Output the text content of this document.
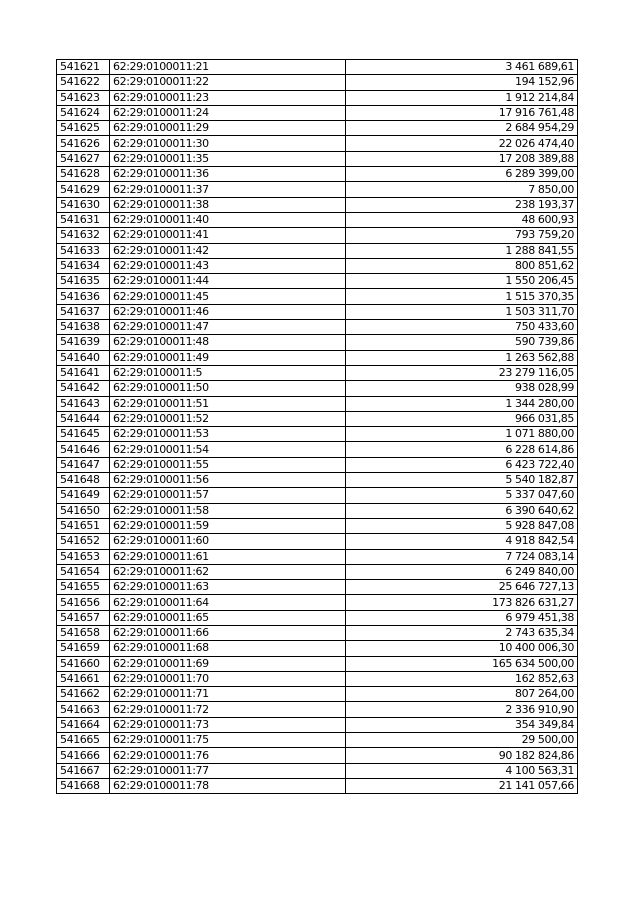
541621	62:29:0100011:21	3 461 689,61
541622	62:29:0100011:22	194 152,96
541623	62:29:0100011:23	1 912 214,84
541624	62:29:0100011:24	17 916 761,48
541625	62:29:0100011:29	2 684 954,29
541626	62:29:0100011:30	22 026 474,40
541627	62:29:0100011:35	17 208 389,88
541628	62:29:0100011:36	6 289 399,00
541629	62:29:0100011:37	7 850,00
541630	62:29:0100011:38	238 193,37
541631	62:29:0100011:40	48 600,93
541632	62:29:0100011:41	793 759,20
541633	62:29:0100011:42	1 288 841,55
541634	62:29:0100011:43	800 851,62
541635	62:29:0100011:44	1 550 206,45
541636	62:29:0100011:45	1 515 370,35
541637	62:29:0100011:46	1 503 311,70
541638	62:29:0100011:47	750 433,60
541639	62:29:0100011:48	590 739,86
541640	62:29:0100011:49	1 263 562,88
541641	62:29:0100011:5	23 279 116,05
541642	62:29:0100011:50	938 028,99
541643	62:29:0100011:51	1 344 280,00
541644	62:29:0100011:52	966 031,85
541645	62:29:0100011:53	1 071 880,00
541646	62:29:0100011:54	6 228 614,86
541647	62:29:0100011:55	6 423 722,40
541648	62:29:0100011:56	5 540 182,87
541649	62:29:0100011:57	5 337 047,60
541650	62:29:0100011:58	6 390 640,62
541651	62:29:0100011:59	5 928 847,08
541652	62:29:0100011:60	4 918 842,54
541653	62:29:0100011:61	7 724 083,14
541654	62:29:0100011:62	6 249 840,00
541655	62:29:0100011:63	25 646 727,13
541656	62:29:0100011:64	173 826 631,27
541657	62:29:0100011:65	6 979 451,38
541658	62:29:0100011:66	2 743 635,34
541659	62:29:0100011:68	10 400 006,30
541660	62:29:0100011:69	165 634 500,00
541661	62:29:0100011:70	162 852,63
541662	62:29:0100011:71	807 264,00
541663	62:29:0100011:72	2 336 910,90
541664	62:29:0100011:73	354 349,84
541665	62:29:0100011:75	29 500,00
541666	62:29:0100011:76	90 182 824,86
541667	62:29:0100011:77	4 100 563,31
541668	62:29:0100011:78	21 141 057,66
